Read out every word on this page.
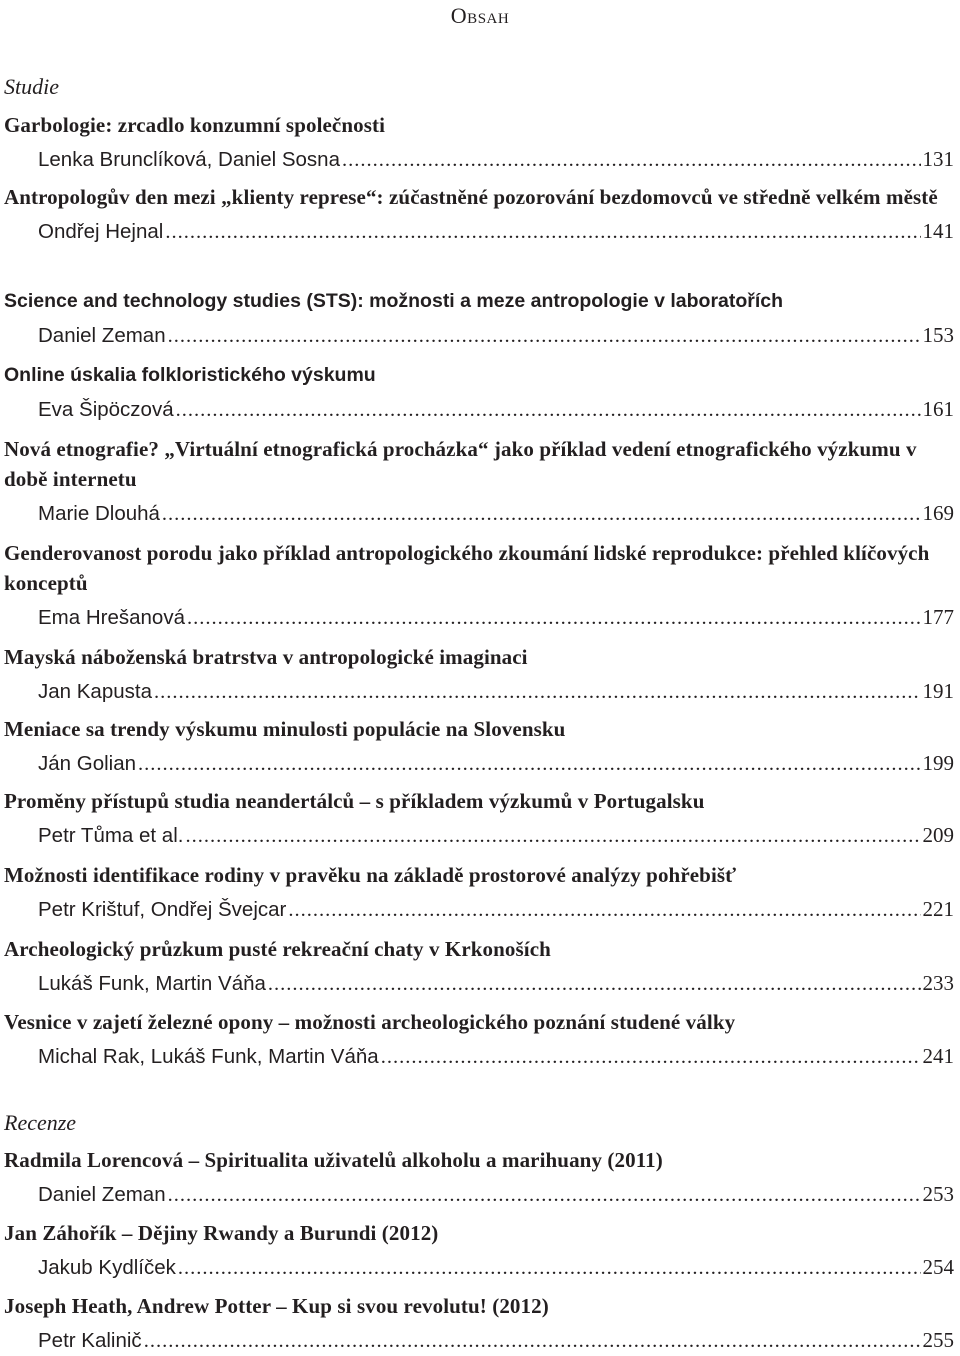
Obsah
Studie
Garbologie: zrcadlo konzumní společnosti
Lenka Brunclíková, Daniel Sosna .....	131
Antropologův den mezi „klienty represe“: zúčastněné pozorování bezdomovců ve středně velkém městě
Ondřej Hejnal .....	141
Science and technology studies (STS): možnosti a meze antropologie v laboratořích
Daniel Zeman .....	153
Online úskalia folkloristického výskumu
Eva Šipöczová .....	161
Nová etnografie? „Virtuální etnografická procházka“ jako příklad vedení etnografického výzkumu v době internetu
Marie Dlouhá .....	169
Genderovanost porodu jako příklad antropologického zkoumání lidské reprodukce: přehled klíčových konceptů
Ema Hrešanová .....	177
Mayská náboženská bratrstva v antropologické imaginaci
Jan Kapusta .....	191
Meniace sa trendy výskumu minulosti populácie na Slovensku
Ján Golian .....	199
Proměny přístupů studia neandertálců – s příkladem výzkumů v Portugalsku
Petr Tůma et al. .....	209
Možnosti identifikace rodiny v pravěku na základě prostorové analýzy pohřebišť
Petr Krištuf, Ondřej Švejcar .....	221
Archeologický průzkum pusté rekreační chaty v Krkonoších
Lukáš Funk, Martin Váňa .....	233
Vesnice v zajetí železné opony – možnosti archeologického poznání studené války
Michal Rak, Lukáš Funk, Martin Váňa .....	241
Recenze
Radmila Lorencová – Spiritualita uživatelů alkoholu a marihuany (2011)
Daniel Zeman .....	253
Jan Záhořík – Dějiny Rwandy a Burundi (2012)
Jakub Kydlíček .....	254
Joseph Heath, Andrew Potter – Kup si svou revolutu! (2012)
Petr Kalinič .....	255
